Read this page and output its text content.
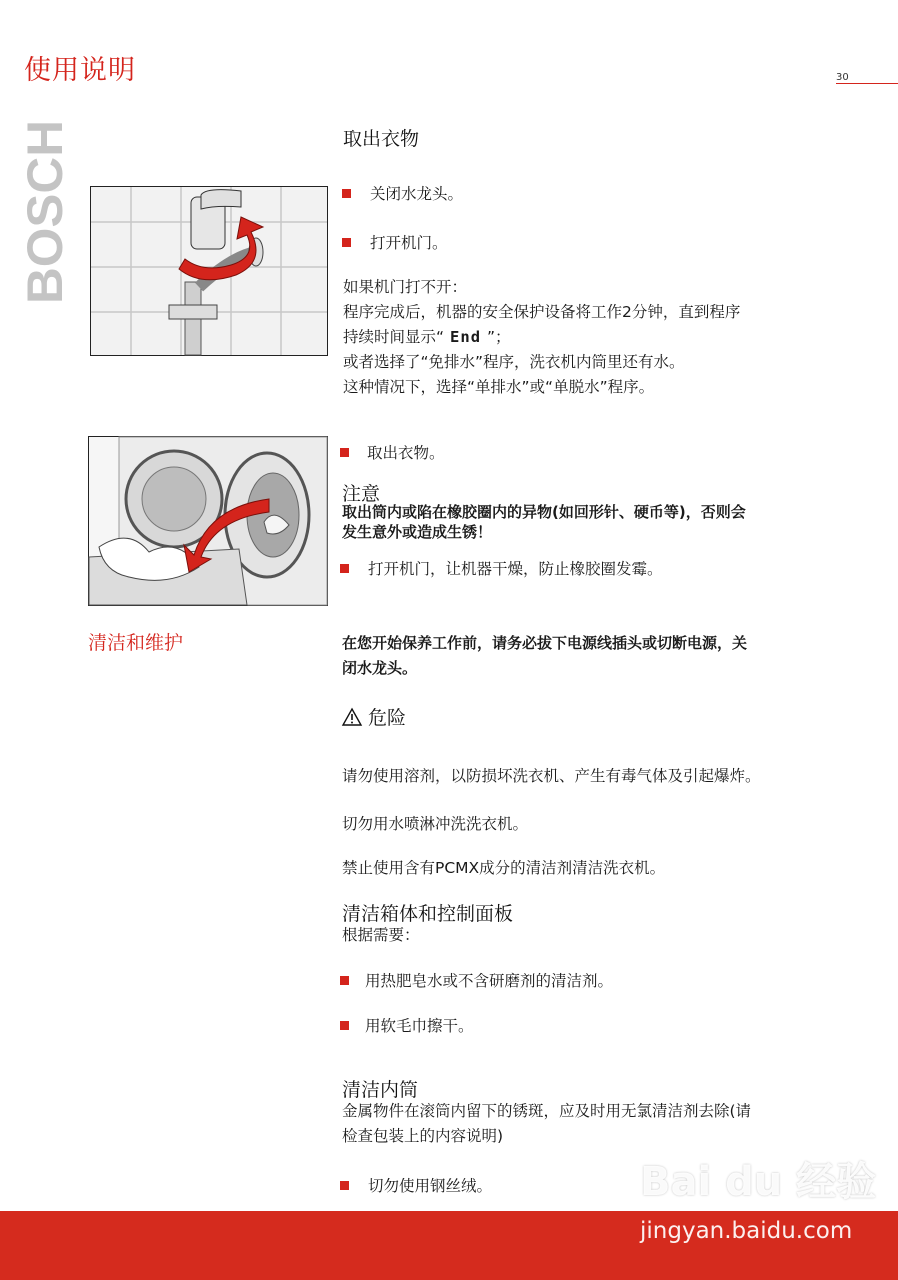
使用说明	30
BOSCH	取出衣物
关闭水龙头。
打开机门。
如果机门打不开：
程序完成后，机器的安全保护设备将工作2分钟，直到程序
持续时间显示“ End ”；
或者选择了“免排水”程序，洗衣机内筒里还有水。
这种情况下，选择“单排水”或“单脱水”程序。
取出衣物。
注意
取出筒内或陷在橡胶圈内的异物(如回形针、硬币等)，否则会
发生意外或造成生锈！
打开机门，让机器干燥，防止橡胶圈发霉。
清洁和维护	在您开始保养工作前，请务必拔下电源线插头或切断电源，关
闭水龙头。
危险
请勿使用溶剂，以防损坏洗衣机、产生有毒气体及引起爆炸。
切勿用水喷淋冲洗洗衣机。
禁止使用含有PCMX成分的清洁剂清洁洗衣机。
清洁箱体和控制面板
根据需要：
用热肥皂水或不含研磨剂的清洁剂。
用软毛巾擦干。
清洁内筒
金属物件在滚筒内留下的锈斑，应及时用无氯清洁剂去除(请
检查包装上的内容说明)
切勿使用钢丝绒。	Bai du 经验
jingyan.baidu.com
